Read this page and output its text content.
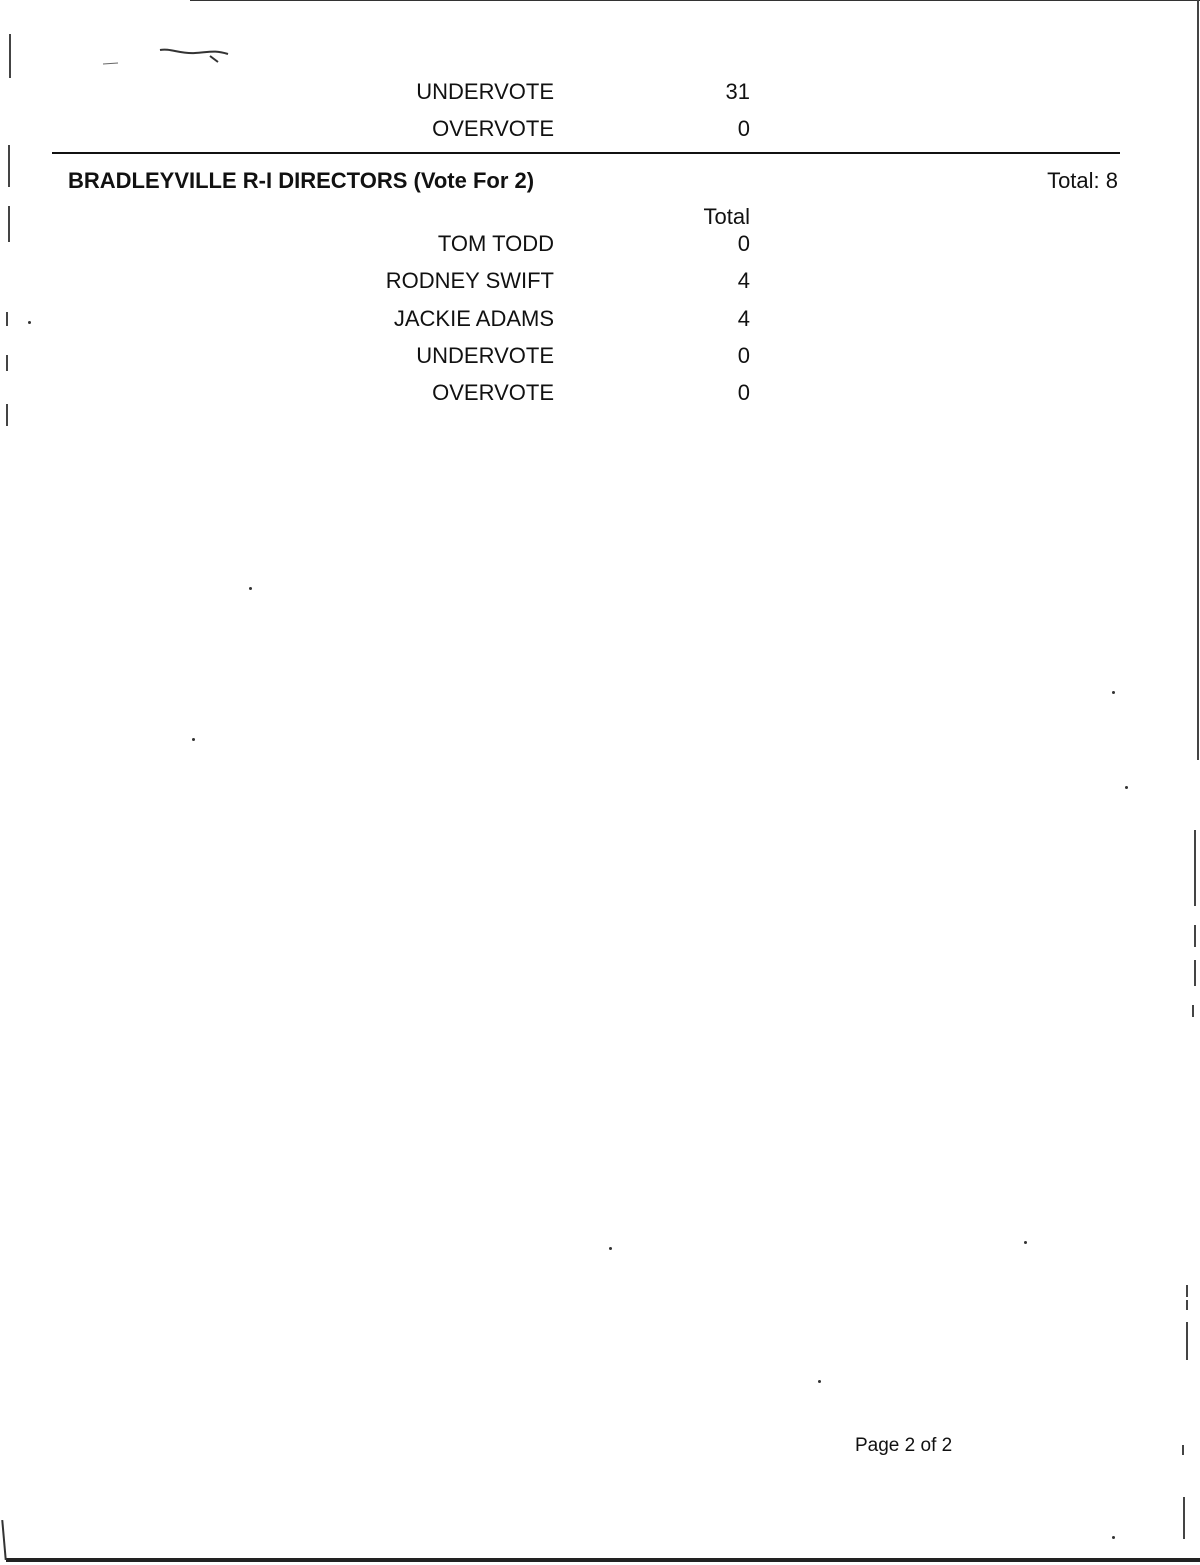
UNDERVOTE	31
OVERVOTE	0
BRADLEYVILLE R-I DIRECTORS (Vote For 2)	Total: 8
Total
TOM TODD	0
RODNEY SWIFT	4
JACKIE ADAMS	4
UNDERVOTE	0
OVERVOTE	0
Page 2 of 2
